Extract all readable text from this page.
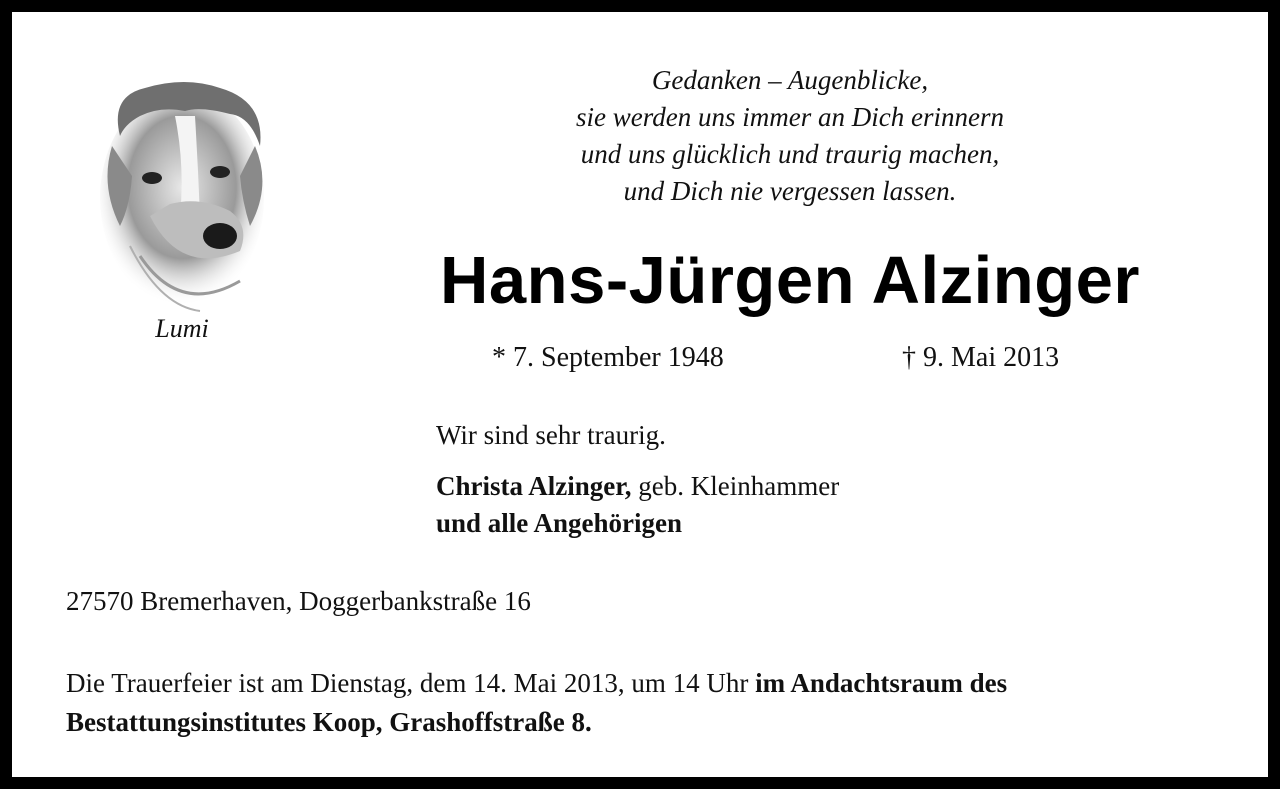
Lumi
Gedanken – Augenblicke,
sie werden uns immer an Dich erinnern
und uns glücklich und traurig machen,
und Dich nie vergessen lassen.
Hans-Jürgen Alzinger
* 7. September 1948	† 9. Mai 2013
Wir sind sehr traurig.
Christa Alzinger, geb. Kleinhammer
und alle Angehörigen
27570 Bremerhaven, Doggerbankstraße 16
Die Trauerfeier ist am Dienstag, dem 14. Mai 2013, um 14 Uhr im Andachtsraum des Bestattungsinstitutes Koop, Grashoffstraße 8.
